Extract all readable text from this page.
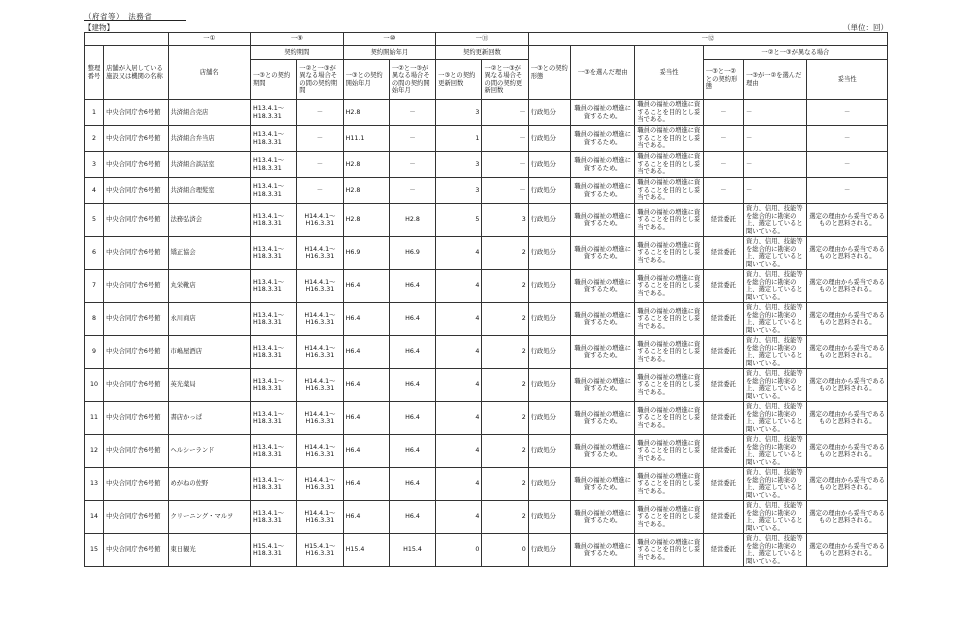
（府省等）　法務省
【建物】	（単位：回）
		一①	一⑨		一⑩		一⑪		一⑫					
整理番号	店舗が入居している施設又は機関の名称	店舗名	契約期間		契約開始年月		契約更新回数		一③との契約形態	一③を選んだ理由	妥当性	一②と一③が異なる場合		
			一③との契約期間	一②と一③が異なる場合その間の契約期間	一③との契約開始年月	一②と一③が異なる場合その間の契約開始年月	一③との契約更新回数	一②と一③が異なる場合その間の契約更新回数				一③と一②との契約形態	一③が一②を選んだ理由	妥当性
1	中央合同庁舎6号館	共済組合売店	H13.4.1～H18.3.31	－	H2.8	－	3	－	行政処分	職員の福祉の増進に資するため。	職員の福祉の増進に資することを目的とし妥当である。	－	－	－
2	中央合同庁舎6号館	共済組合弁当店	H13.4.1～H18.3.31	－	H11.1	－	1	－	行政処分	職員の福祉の増進に資するため。	職員の福祉の増進に資することを目的とし妥当である。	－	－	－
3	中央合同庁舎6号館	共済組合談話室	H13.4.1～H18.3.31	－	H2.8	－	3	－	行政処分	職員の福祉の増進に資するため。	職員の福祉の増進に資することを目的とし妥当である。	－	－	－
4	中央合同庁舎6号館	共済組合理髪室	H13.4.1～H18.3.31	－	H2.8	－	3	－	行政処分	職員の福祉の増進に資するため。	職員の福祉の増進に資することを目的とし妥当である。	－	－	－
5	中央合同庁舎6号館	法務弘済会	H13.4.1～H18.3.31	H14.4.1～H16.3.31	H2.8	H2.8	5	3	行政処分	職員の福祉の増進に資するため。	職員の福祉の増進に資することを目的とし妥当である。	経営委託	資力、信用、技能等を総合的に勘案の上、選定していると聞いている。	選定の理由から妥当であるものと思料される。
6	中央合同庁舎6号館	矯正協会	H13.4.1～H18.3.31	H14.4.1～H16.3.31	H6.9	H6.9	4	2	行政処分	職員の福祉の増進に資するため。	職員の福祉の増進に資することを目的とし妥当である。	経営委託	資力、信用、技能等を総合的に勘案の上、選定していると聞いている。	選定の理由から妥当であるものと思料される。
7	中央合同庁舎6号館	丸栄靴店	H13.4.1～H18.3.31	H14.4.1～H16.3.31	H6.4	H6.4	4	2	行政処分	職員の福祉の増進に資するため。	職員の福祉の増進に資することを目的とし妥当である。	経営委託	資力、信用、技能等を総合的に勘案の上、選定していると聞いている。	選定の理由から妥当であるものと思料される。
8	中央合同庁舎6号館	永川商店	H13.4.1～H18.3.31	H14.4.1～H16.3.31	H6.4	H6.4	4	2	行政処分	職員の福祉の増進に資するため。	職員の福祉の増進に資することを目的とし妥当である。	経営委託	資力、信用、技能等を総合的に勘案の上、選定していると聞いている。	選定の理由から妥当であるものと思料される。
9	中央合同庁舎6号館	市嶋屋酒店	H13.4.1～H18.3.31	H14.4.1～H16.3.31	H6.4	H6.4	4	2	行政処分	職員の福祉の増進に資するため。	職員の福祉の増進に資することを目的とし妥当である。	経営委託	資力、信用、技能等を総合的に勘案の上、選定していると聞いている。	選定の理由から妥当であるものと思料される。
10	中央合同庁舎6号館	英光薬局	H13.4.1～H18.3.31	H14.4.1～H16.3.31	H6.4	H6.4	4	2	行政処分	職員の福祉の増進に資するため。	職員の福祉の増進に資することを目的とし妥当である。	経営委託	資力、信用、技能等を総合的に勘案の上、選定していると聞いている。	選定の理由から妥当であるものと思料される。
11	中央合同庁舎6号館	書店かっぱ	H13.4.1～H18.3.31	H14.4.1～H16.3.31	H6.4	H6.4	4	2	行政処分	職員の福祉の増進に資するため。	職員の福祉の増進に資することを目的とし妥当である。	経営委託	資力、信用、技能等を総合的に勘案の上、選定していると聞いている。	選定の理由から妥当であるものと思料される。
12	中央合同庁舎6号館	ヘルシーランド	H13.4.1～H18.3.31	H14.4.1～H16.3.31	H6.4	H6.4	4	2	行政処分	職員の福祉の増進に資するため。	職員の福祉の増進に資することを目的とし妥当である。	経営委託	資力、信用、技能等を総合的に勘案の上、選定していると聞いている。	選定の理由から妥当であるものと思料される。
13	中央合同庁舎6号館	めがねの佐野	H13.4.1～H18.3.31	H14.4.1～H16.3.31	H6.4	H6.4	4	2	行政処分	職員の福祉の増進に資するため。	職員の福祉の増進に資することを目的とし妥当である。	経営委託	資力、信用、技能等を総合的に勘案の上、選定していると聞いている。	選定の理由から妥当であるものと思料される。
14	中央合同庁舎6号館	クリーニング・マルヲ	H13.4.1～H18.3.31	H14.4.1～H16.3.31	H6.4	H6.4	4	2	行政処分	職員の福祉の増進に資するため。	職員の福祉の増進に資することを目的とし妥当である。	経営委託	資力、信用、技能等を総合的に勘案の上、選定していると聞いている。	選定の理由から妥当であるものと思料される。
15	中央合同庁舎6号館	東日観光	H15.4.1～H18.3.31	H15.4.1～H16.3.31	H15.4	H15.4	0	0	行政処分	職員の福祉の増進に資するため。	職員の福祉の増進に資することを目的とし妥当である。	経営委託	資力、信用、技能等を総合的に勘案の上、選定していると聞いている。	選定の理由から妥当であるものと思料される。
